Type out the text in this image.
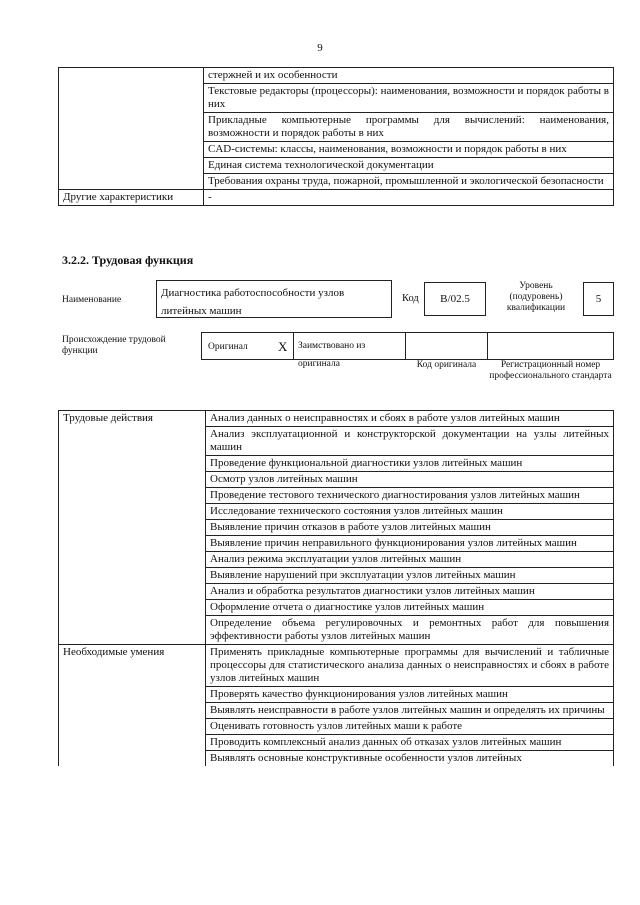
9
	стержней и их особенности
	Текстовые редакторы (процессоры): наименования, возможности и порядок работы в них
	Прикладные компьютерные программы для вычислений: наименования, возможности и порядок работы в них
	CAD-системы: классы, наименования, возможности и порядок работы в них
	Единая система технологической документации
	Требования охраны труда, пожарной, промышленной и экологической безопасности
Другие характеристики	-
3.2.2. Трудовая функция
Наименование
Диагностика работоспособности узлов литейных машин
Код B/02.5
Уровень (подуровень) квалификации
5
Происхождение трудовой функции	Оригинал X	Заимствовано из оригинала	Код оригинала	Регистрационный номер профессионального стандарта
Трудовые действия	Анализ данных о неисправностях и сбоях в работе узлов литейных машин
	Анализ эксплуатационной и конструкторской документации на узлы литейных машин
	Проведение функциональной диагностики узлов литейных машин
	Осмотр узлов литейных машин
	Проведение тестового технического диагностирования узлов литейных машин
	Исследование технического состояния узлов литейных машин
	Выявление причин отказов в работе узлов литейных машин
	Выявление причин неправильного функционирования узлов литейных машин
	Анализ режима эксплуатации узлов литейных машин
	Выявление нарушений при эксплуатации узлов литейных машин
	Анализ и обработка результатов диагностики узлов литейных машин
	Оформление отчета о диагностике узлов литейных машин
	Определение объема регулировочных и ремонтных работ для повышения эффективности работы узлов литейных машин
Необходимые умения	Применять прикладные компьютерные программы для вычислений и табличные процессоры для статистического анализа данных о неисправностях и сбоях в работе узлов литейных машин
	Проверять качество функционирования узлов литейных машин
	Выявлять неисправности в работе узлов литейных машин и определять их причины
	Оценивать готовность узлов литейных маши к работе
	Проводить комплексный анализ данных об отказах узлов литейных машин
	Выявлять основные конструктивные особенности узлов литейных
